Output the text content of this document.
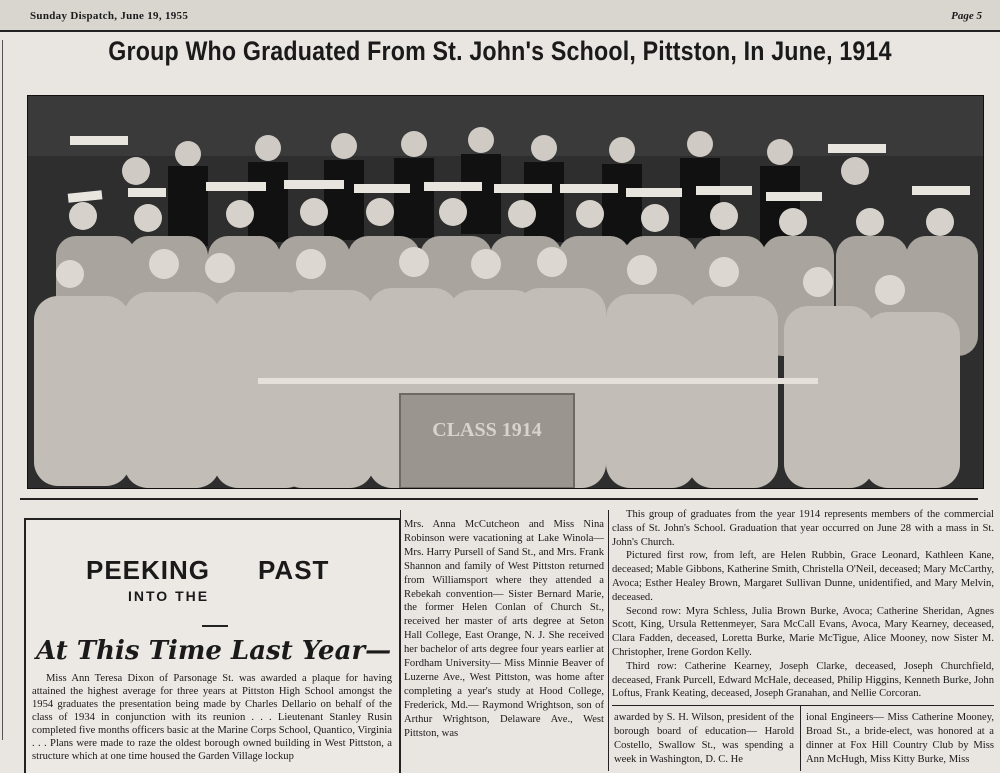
Sunday Dispatch, June 19, 1955	Page 5
Group Who Graduated From St. John's School, Pittston, In June, 1914
CLASS 1914
PEEKING PAST
INTO THE
At This Time Last Year—

Miss Ann Teresa Dixon of Parsonage St. was awarded a plaque for having attained the highest average for three years at Pittston High School amongst the 1954 graduates the presentation being made by Charles Dellario on behalf of the class of 1934 in conjunction with its reunion . . . Lieutenant Stanley Rusin completed five months officers basic at the Marine Corps School, Quantico, Virginia . . . Plans were made to raze the oldest borough owned building in West Pittston, a structure which at one time housed the Garden Village lockup

Mrs. Anna McCutcheon and Miss Nina Robinson were vacationing at Lake Winola— Mrs. Harry Pursell of Sand St., and Mrs. Frank Shannon and family of West Pittston returned from Williamsport where they attended a Rebekah convention— Sister Bernard Marie, the former Helen Conlan of Church St., received her master of arts degree at Seton Hall College, East Orange, N. J. She received her bachelor of arts degree four years earlier at Fordham University— Miss Minnie Beaver of Luzerne Ave., West Pittston, was home after completing a year's study at Hood College, Frederick, Md.— Raymond Wrightson, son of Arthur Wrightson, Delaware Ave., West Pittston, was

This group of graduates from the year 1914 represents members of the commercial class of St. John's School. Graduation that year occurred on June 28 with a mass in St. John's Church.

Pictured first row, from left, are Helen Rubbin, Grace Leonard, Kathleen Kane, deceased; Mable Gibbons, Katherine Smith, Christella O'Neil, deceased; Mary McCarthy, Avoca; Esther Healey Brown, Margaret Sullivan Dunne, unidentified, and Mary Melvin, deceased.

Second row: Myra Schless, Julia Brown Burke, Avoca; Catherine Sheridan, Agnes Scott, King, Ursula Rettenmeyer, Sara McCall Evans, Avoca, Mary Kearney, deceased, Clara Fadden, deceased, Loretta Burke, Marie McTigue, Alice Mooney, now Sister M. Christopher, Irene Gordon Kelly.

Third row: Catherine Kearney, Joseph Clarke, deceased, Joseph Churchfield, deceased, Frank Purcell, Edward McHale, deceased, Philip Higgins, Kenneth Burke, John Loftus, Frank Keating, deceased, Joseph Granahan, and Nellie Corcoran.

awarded by S. H. Wilson, president of the borough board of education— Harold Costello, Swallow St., was spending a week in Washington, D. C. He
ional Engineers— Miss Catherine Mooney, Broad St., a bride-elect, was honored at a dinner at Fox Hill Country Club by Miss Ann McHugh, Miss Kitty Burke, Miss
